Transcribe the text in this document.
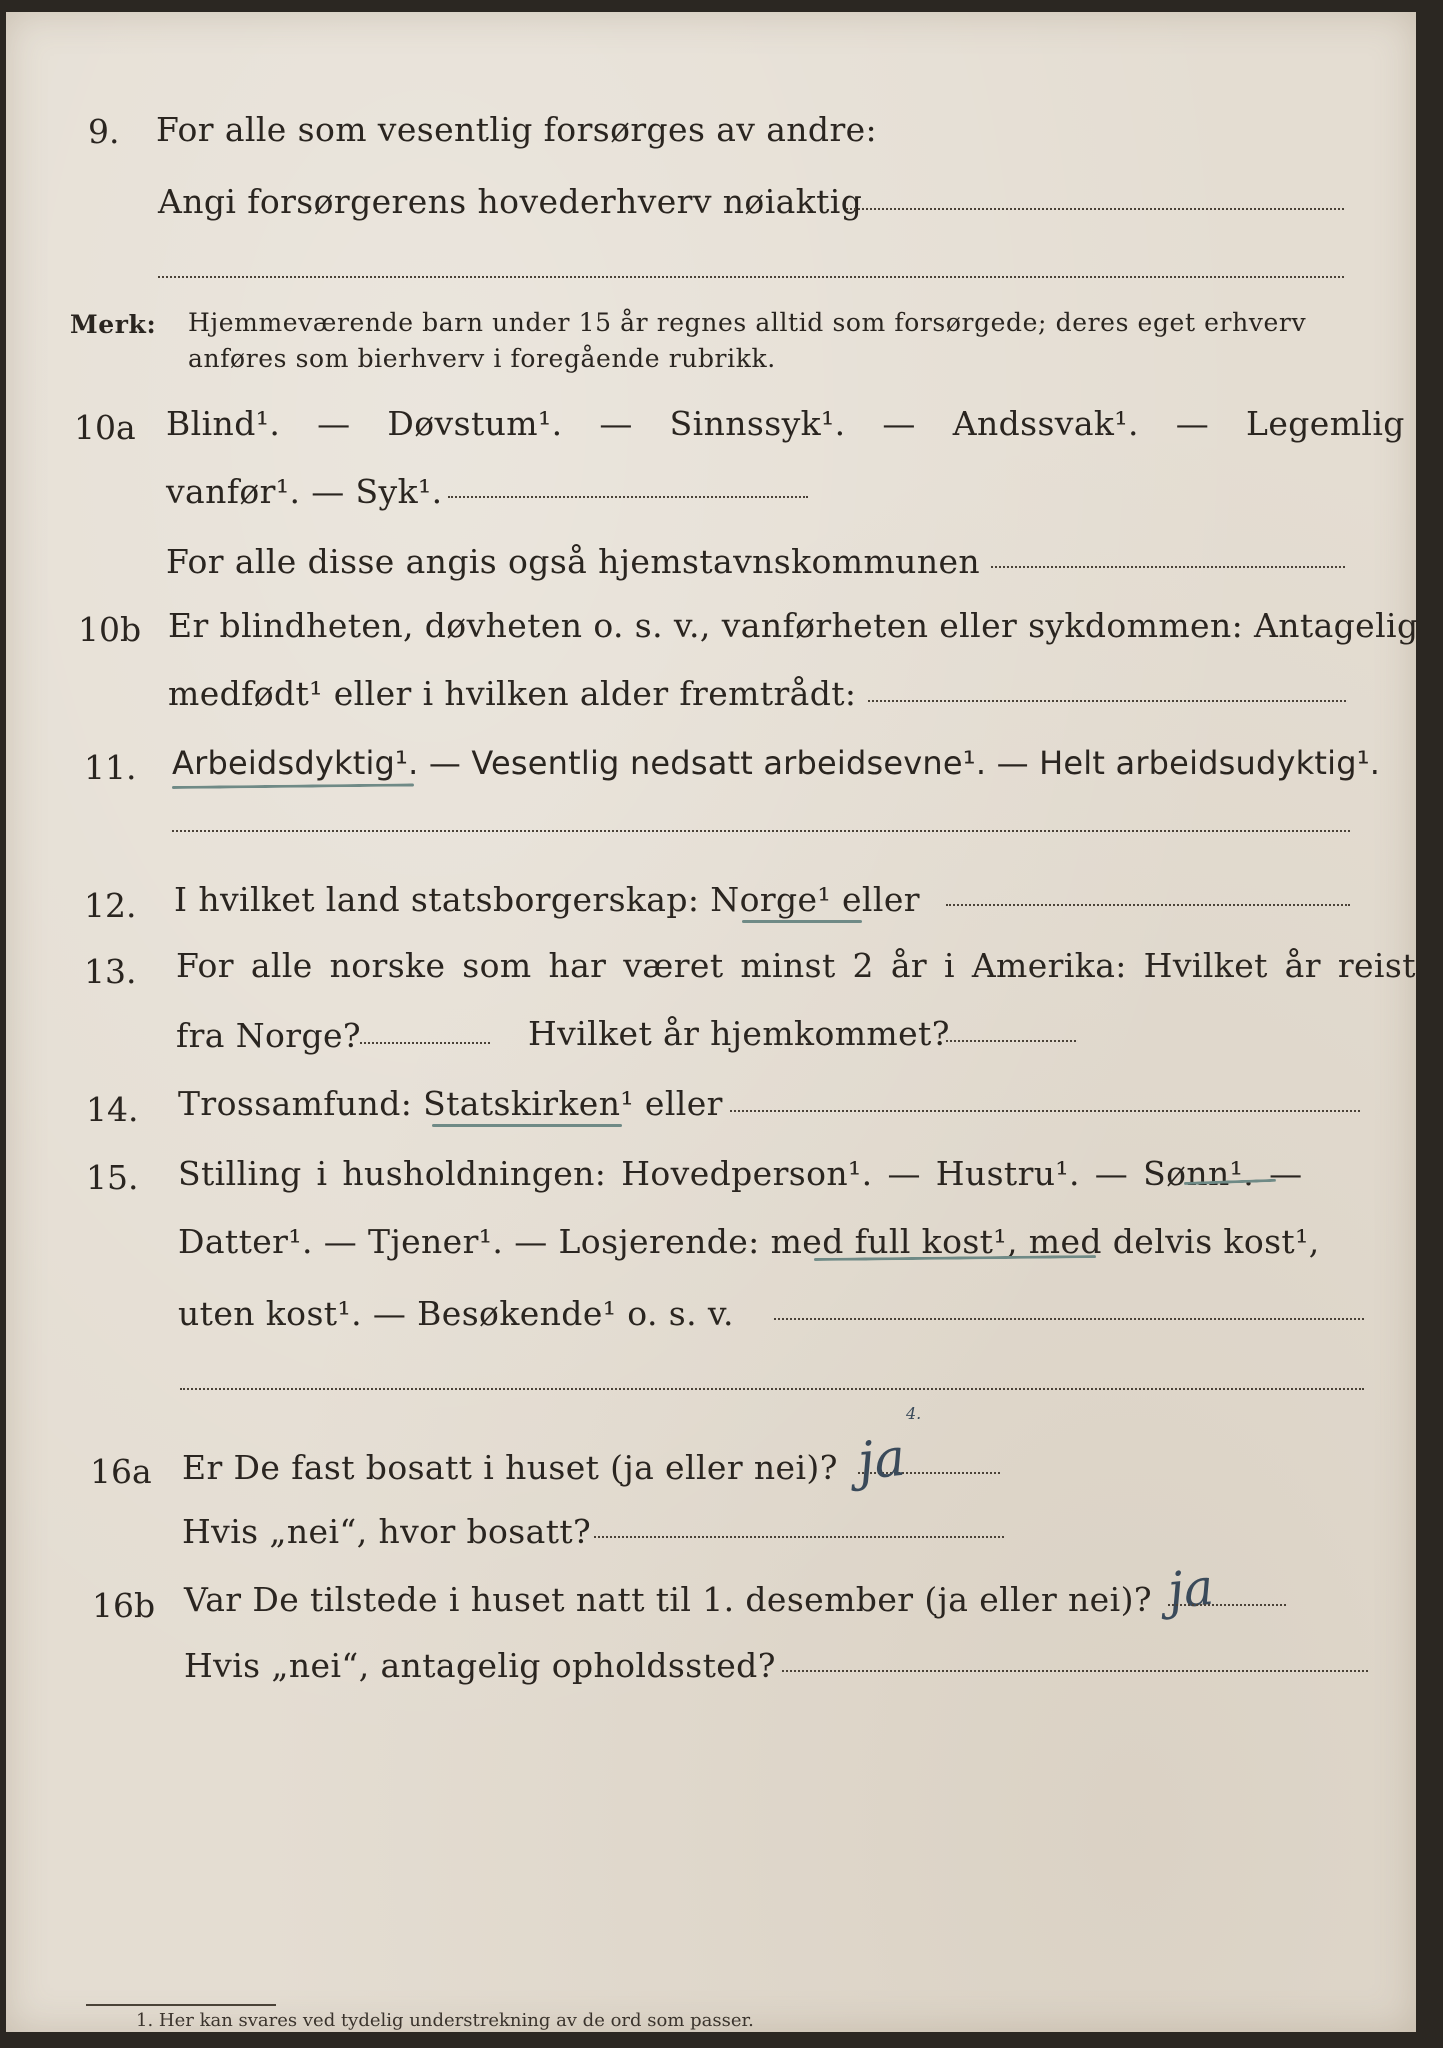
9. For alle som vesentlig forsørges av andre:
Angi forsørgerens hovederhverv nøiaktig
Merk: Hjemmeværende barn under 15 år regnes alltid som forsørgede; deres eget erhverv
anføres som bierhverv i foregående rubrikk.
10a Blind¹. — Døvstum¹. — Sinnssyk¹. — Andssvak¹. — Legemlig
vanfør¹. — Syk¹.
For alle disse angis også hjemstavnskommunen
10b Er blindheten, døvheten o. s. v., vanførheten eller sykdommen: Antagelig
medfødt¹ eller i hvilken alder fremtrådt:
11. Arbeidsdyktig¹. — Vesentlig nedsatt arbeidsevne¹. — Helt arbeidsudyktig¹.
12. I hvilket land statsborgerskap: Norge¹ eller
13. For alle norske som har været minst 2 år i Amerika: Hvilket år reist
fra Norge?	Hvilket år hjemkommet?
14. Trossamfund: Statskirken¹ eller
15. Stilling i husholdningen: Hovedperson¹. — Hustru¹. — Sønn¹. —
Datter¹. — Tjener¹. — Losjerende: med full kost¹, med delvis kost¹,
uten kost¹. — Besøkende¹ o. s. v.
16a Er De fast bosatt i huset (ja eller nei)? ja
4.
Hvis „nei“, hvor bosatt?
16b Var De tilstede i huset natt til 1. desember (ja eller nei)? ja
Hvis „nei“, antagelig opholdssted?
1. Her kan svares ved tydelig understrekning av de ord som passer.
